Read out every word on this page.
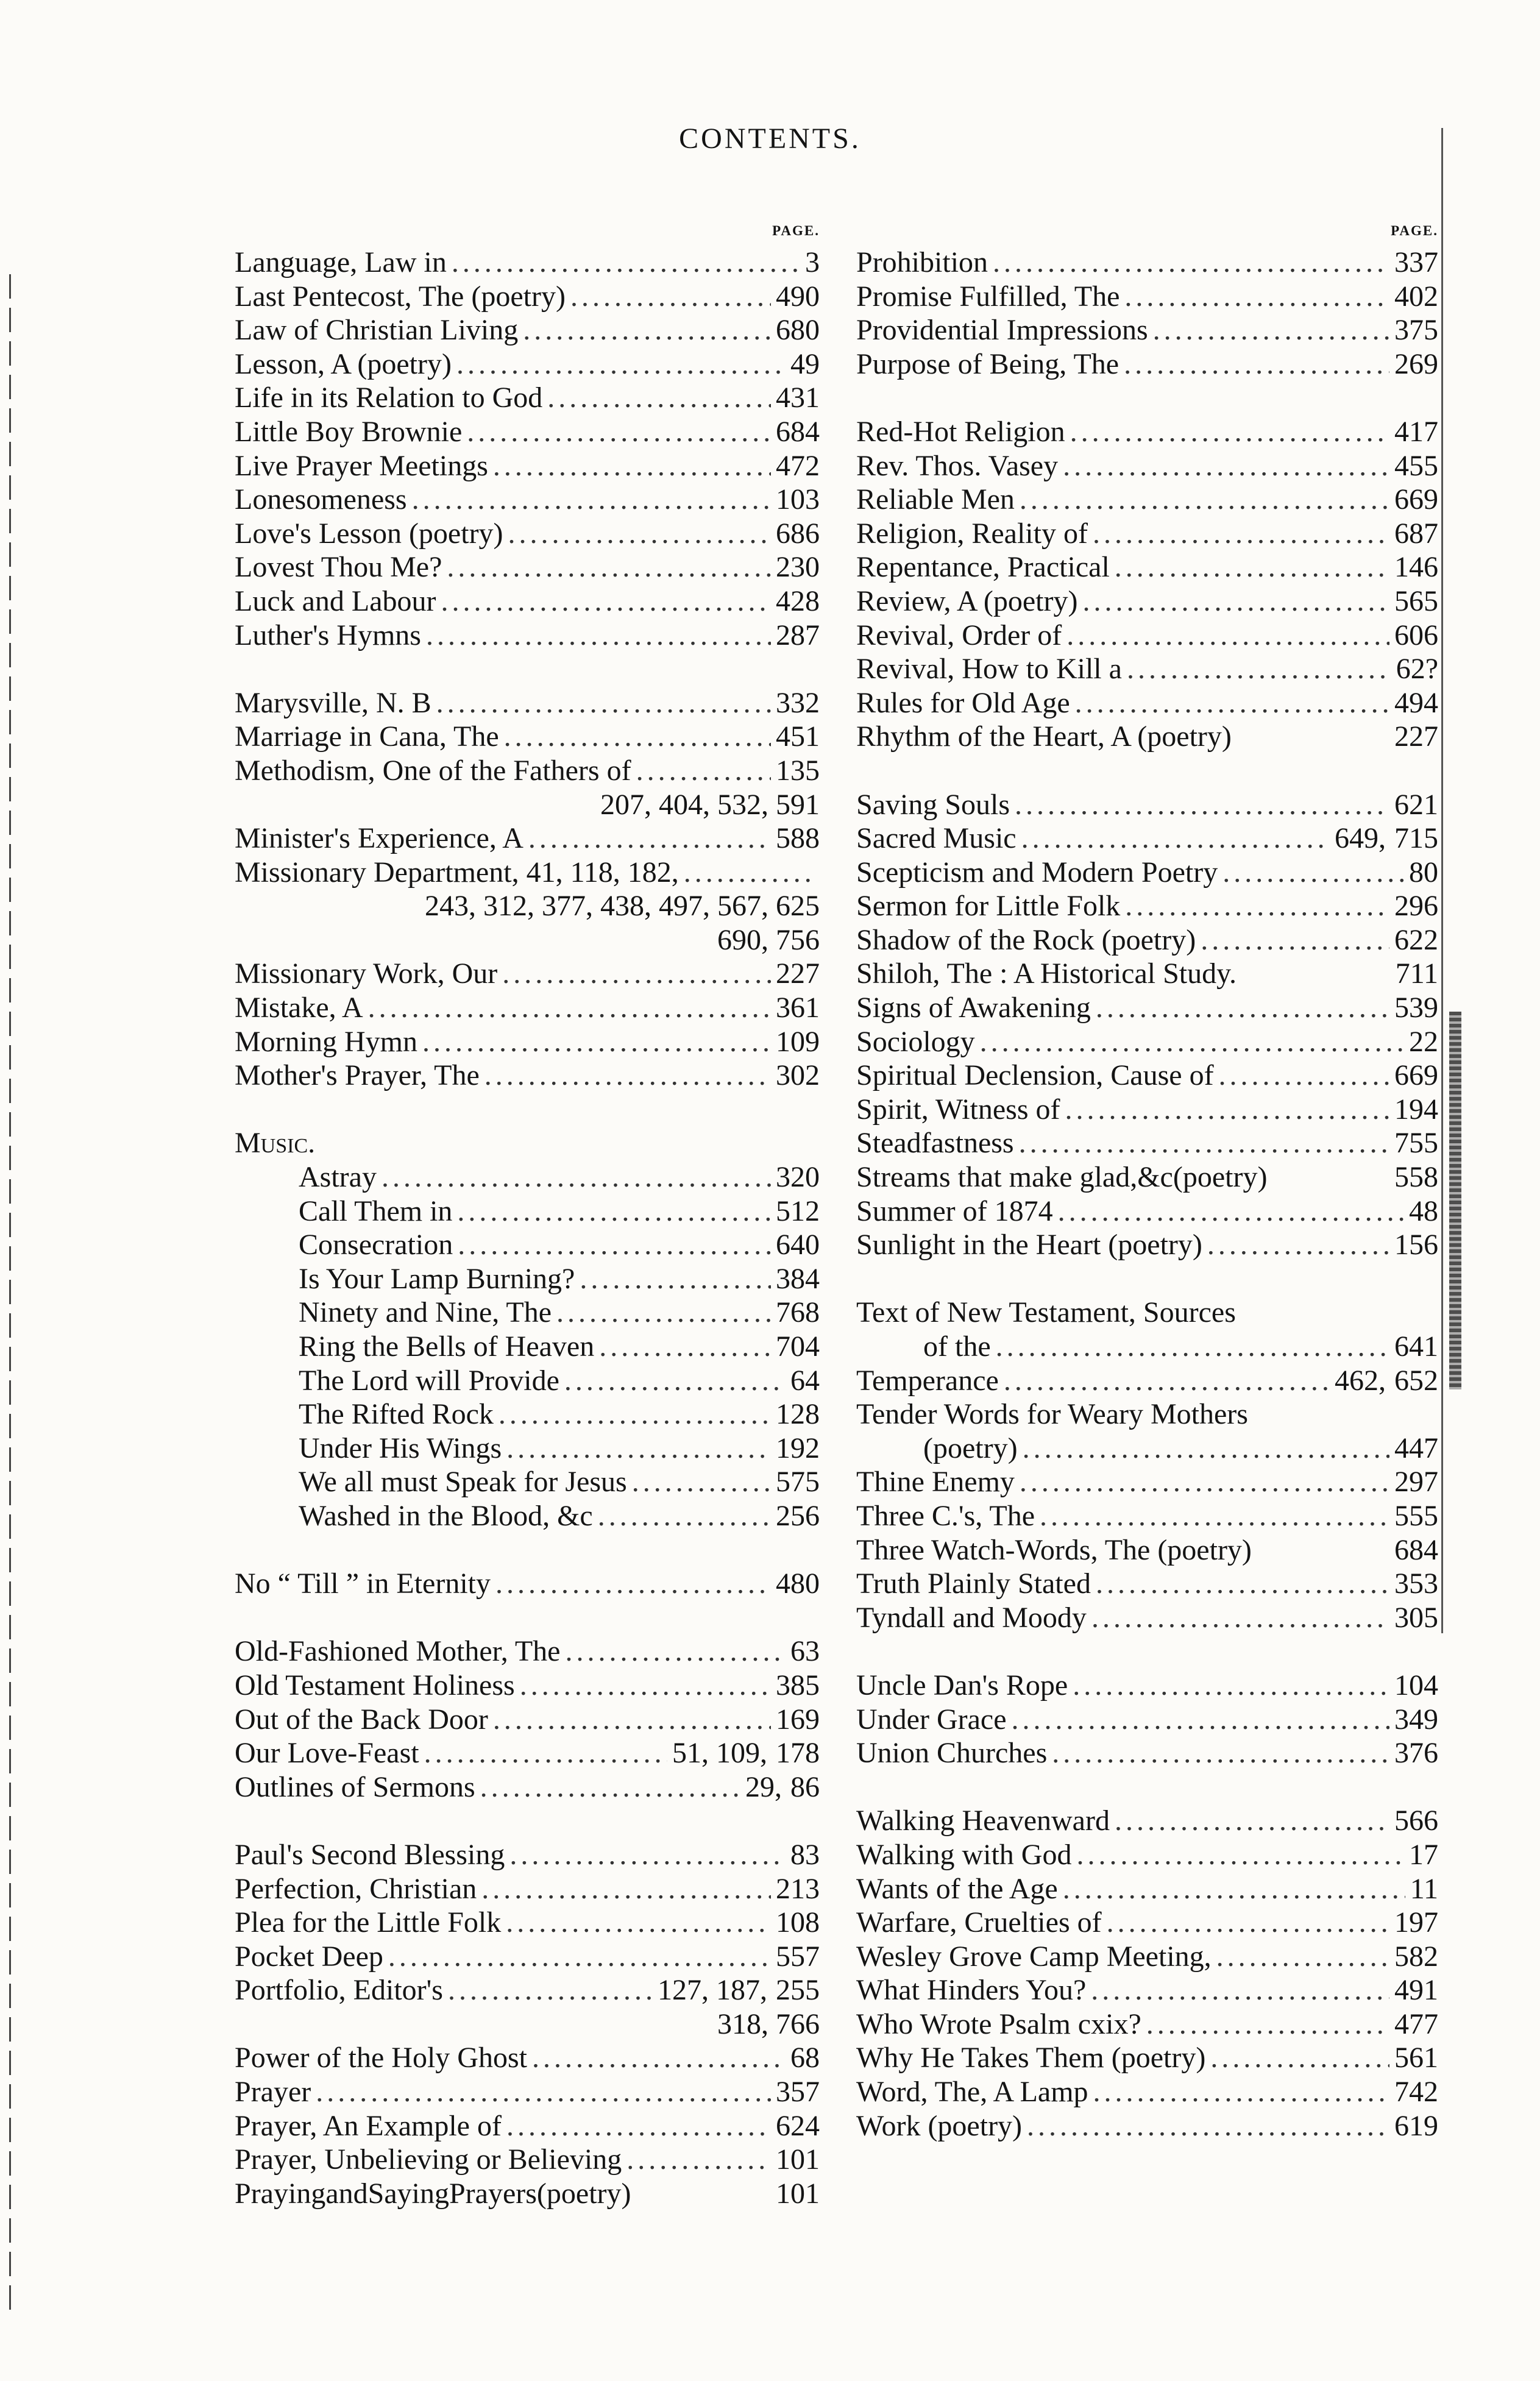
CONTENTS.
PAGE.
Language, Law in .....	3
Last Pentecost, The (poetry) .....	490
Law of Christian Living .....	680
Lesson, A (poetry) .....	49
Life in its Relation to God .....	431
Little Boy Brownie .....	684
Live Prayer Meetings .....	472
Lonesomeness .....	103
Love's Lesson (poetry) .....	686
Lovest Thou Me? .....	230
Luck and Labour .....	428
Luther's Hymns .....	287
Marysville, N. B .....	332
Marriage in Cana, The .....	451
Methodism, One of the Fathers of .....	135
207, 404, 532, 591
Minister's Experience, A .....	588
Missionary Department, 41, 118, 182,
.....
243, 312, 377, 438, 497, 567, 625
690, 756
Missionary Work, Our .....	227
Mistake, A .....	361
Morning Hymn .....	109
Mother's Prayer, The .....	302
Music.
Astray .....	320
Call Them in .....	512
Consecration .....	640
Is Your Lamp Burning? .....	384
Ninety and Nine, The .....	768
Ring the Bells of Heaven .....	704
The Lord will Provide .....	64
The Rifted Rock .....	128
Under His Wings .....	192
We all must Speak for Jesus .....	575
Washed in the Blood, &c .....	256
No “ Till ” in Eternity .....	480
Old-Fashioned Mother, The .....	63
Old Testament Holiness .....	385
Out of the Back Door .....	169
Our Love-Feast .....	51, 109, 178
Outlines of Sermons .....	29, 86
Paul's Second Blessing .....	83
Perfection, Christian .....	213
Plea for the Little Folk .....	108
Pocket Deep .....	557
Portfolio, Editor's .....	127, 187, 255
318, 766
Power of the Holy Ghost .....	68
Prayer .....	357
Prayer, An Example of .....	624
Prayer, Unbelieving or Believing .....	101
PrayingandSayingPrayers(poetry)	101
PAGE.
Prohibition .....	337
Promise Fulfilled, The .....	402
Providential Impressions .....	375
Purpose of Being, The .....	269
Red-Hot Religion .....	417
Rev. Thos. Vasey .....	455
Reliable Men .....	669
Religion, Reality of .....	687
Repentance, Practical .....	146
Review, A (poetry) .....	565
Revival, Order of .....	606
Revival, How to Kill a .....	62?
Rules for Old Age .....	494
Rhythm of the Heart, A (poetry)	227
Saving Souls .....	621
Sacred Music .....	649, 715
Scepticism and Modern Poetry .....	80
Sermon for Little Folk .....	296
Shadow of the Rock (poetry) .....	622
Shiloh, The : A Historical Study.	711
Signs of Awakening .....	539
Sociology .....	22
Spiritual Declension, Cause of .....	669
Spirit, Witness of .....	194
Steadfastness .....	755
Streams that make glad,&c(poetry)	558
Summer of 1874 .....	48
Sunlight in the Heart (poetry) .....	156
Text of New Testament, Sources
of the .....	641
Temperance .....	462, 652
Tender Words for Weary Mothers
(poetry) .....	447
Thine Enemy .....	297
Three C.'s, The .....	555
Three Watch-Words, The (poetry)	684
Truth Plainly Stated .....	353
Tyndall and Moody .....	305
Uncle Dan's Rope .....	104
Under Grace .....	349
Union Churches .....	376
Walking Heavenward .....	566
Walking with God .....	17
Wants of the Age .....	11
Warfare, Cruelties of .....	197
Wesley Grove Camp Meeting, .....	582
What Hinders You? .....	491
Who Wrote Psalm cxix? .....	477
Why He Takes Them (poetry) .....	561
Word, The, A Lamp .....	742
Work (poetry) .....	619
